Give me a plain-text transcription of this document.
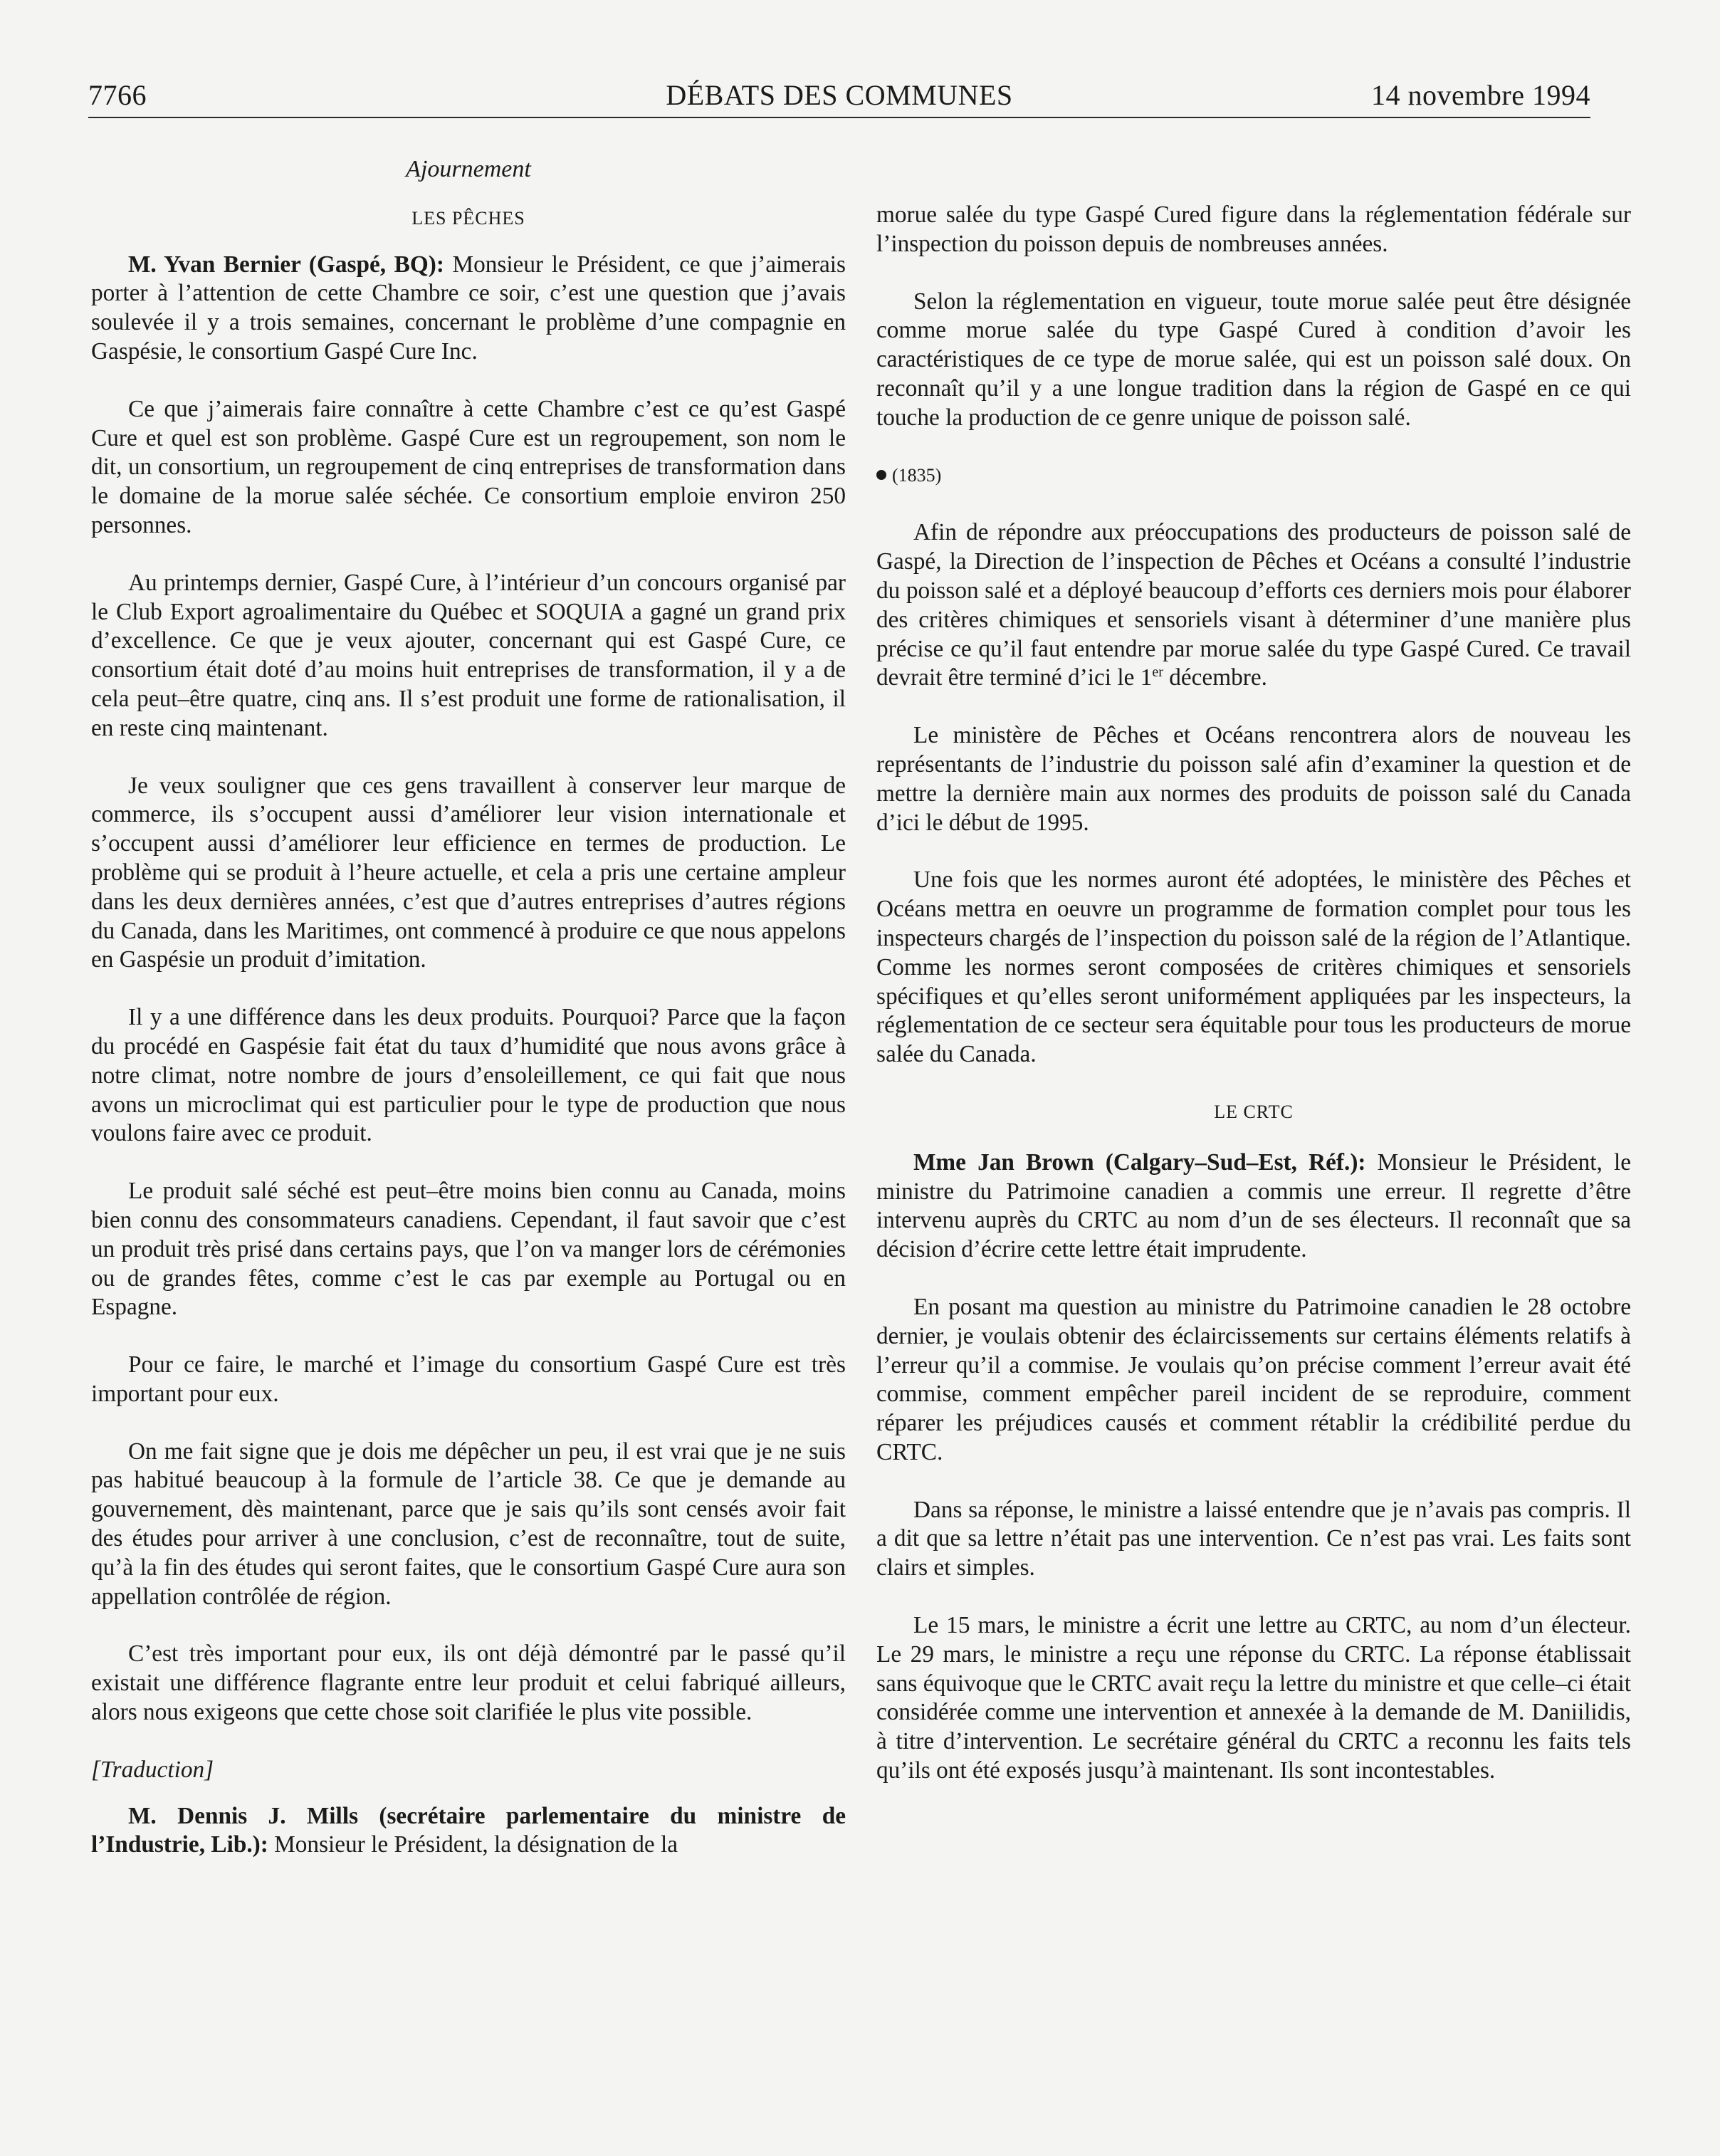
7766	DÉBATS DES COMMUNES	14 novembre 1994
Ajournement
LES PÊCHES

M. Yvan Bernier (Gaspé, BQ): Monsieur le Président, ce que j’aimerais porter à l’attention de cette Chambre ce soir, c’est une question que j’avais soulevée il y a trois semaines, concernant le problème d’une compagnie en Gaspésie, le consortium Gaspé Cure Inc.

Ce que j’aimerais faire connaître à cette Chambre c’est ce qu’est Gaspé Cure et quel est son problème. Gaspé Cure est un regroupement, son nom le dit, un consortium, un regroupement de cinq entreprises de transformation dans le domaine de la morue salée séchée. Ce consortium emploie environ 250 personnes.

Au printemps dernier, Gaspé Cure, à l’intérieur d’un concours organisé par le Club Export agroalimentaire du Québec et SOQUIA a gagné un grand prix d’excellence. Ce que je veux ajouter, concernant qui est Gaspé Cure, ce consortium était doté d’au moins huit entreprises de transformation, il y a de cela peut–être quatre, cinq ans. Il s’est produit une forme de rationalisation, il en reste cinq maintenant.

Je veux souligner que ces gens travaillent à conserver leur marque de commerce, ils s’occupent aussi d’améliorer leur vision internationale et s’occupent aussi d’améliorer leur efficience en termes de production. Le problème qui se produit à l’heure actuelle, et cela a pris une certaine ampleur dans les deux dernières années, c’est que d’autres entreprises d’autres régions du Canada, dans les Maritimes, ont commencé à produire ce que nous appelons en Gaspésie un produit d’imitation.

Il y a une différence dans les deux produits. Pourquoi? Parce que la façon du procédé en Gaspésie fait état du taux d’humidité que nous avons grâce à notre climat, notre nombre de jours d’ensoleillement, ce qui fait que nous avons un microclimat qui est particulier pour le type de production que nous voulons faire avec ce produit.

Le produit salé séché est peut–être moins bien connu au Canada, moins bien connu des consommateurs canadiens. Cependant, il faut savoir que c’est un produit très prisé dans certains pays, que l’on va manger lors de cérémonies ou de grandes fêtes, comme c’est le cas par exemple au Portugal ou en Espagne.

Pour ce faire, le marché et l’image du consortium Gaspé Cure est très important pour eux.

On me fait signe que je dois me dépêcher un peu, il est vrai que je ne suis pas habitué beaucoup à la formule de l’article 38. Ce que je demande au gouvernement, dès maintenant, parce que je sais qu’ils sont censés avoir fait des études pour arriver à une conclusion, c’est de reconnaître, tout de suite, qu’à la fin des études qui seront faites, que le consortium Gaspé Cure aura son appellation contrôlée de région.

C’est très important pour eux, ils ont déjà démontré par le passé qu’il existait une différence flagrante entre leur produit et celui fabriqué ailleurs, alors nous exigeons que cette chose soit clarifiée le plus vite possible.

[Traduction]

M. Dennis J. Mills (secrétaire parlementaire du ministre de l’Industrie, Lib.): Monsieur le Président, la désignation de la

morue salée du type Gaspé Cured figure dans la réglementation fédérale sur l’inspection du poisson depuis de nombreuses années.

Selon la réglementation en vigueur, toute morue salée peut être désignée comme morue salée du type Gaspé Cured à condition d’avoir les caractéristiques de ce type de morue salée, qui est un poisson salé doux. On reconnaît qu’il y a une longue tradition dans la région de Gaspé en ce qui touche la production de ce genre unique de poisson salé.

(1835)

Afin de répondre aux préoccupations des producteurs de poisson salé de Gaspé, la Direction de l’inspection de Pêches et Océans a consulté l’industrie du poisson salé et a déployé beaucoup d’efforts ces derniers mois pour élaborer des critères chimiques et sensoriels visant à déterminer d’une manière plus précise ce qu’il faut entendre par morue salée du type Gaspé Cured. Ce travail devrait être terminé d’ici le 1er décembre.

Le ministère de Pêches et Océans rencontrera alors de nouveau les représentants de l’industrie du poisson salé afin d’examiner la question et de mettre la dernière main aux normes des produits de poisson salé du Canada d’ici le début de 1995.

Une fois que les normes auront été adoptées, le ministère des Pêches et Océans mettra en oeuvre un programme de formation complet pour tous les inspecteurs chargés de l’inspection du poisson salé de la région de l’Atlantique. Comme les normes seront composées de critères chimiques et sensoriels spécifiques et qu’elles seront uniformément appliquées par les inspecteurs, la réglementation de ce secteur sera équitable pour tous les producteurs de morue salée du Canada.

LE CRTC

Mme Jan Brown (Calgary–Sud–Est, Réf.): Monsieur le Président, le ministre du Patrimoine canadien a commis une erreur. Il regrette d’être intervenu auprès du CRTC au nom d’un de ses électeurs. Il reconnaît que sa décision d’écrire cette lettre était imprudente.

En posant ma question au ministre du Patrimoine canadien le 28 octobre dernier, je voulais obtenir des éclaircissements sur certains éléments relatifs à l’erreur qu’il a commise. Je voulais qu’on précise comment l’erreur avait été commise, comment empêcher pareil incident de se reproduire, comment réparer les préjudices causés et comment rétablir la crédibilité perdue du CRTC.

Dans sa réponse, le ministre a laissé entendre que je n’avais pas compris. Il a dit que sa lettre n’était pas une intervention. Ce n’est pas vrai. Les faits sont clairs et simples.

Le 15 mars, le ministre a écrit une lettre au CRTC, au nom d’un électeur. Le 29 mars, le ministre a reçu une réponse du CRTC. La réponse établissait sans équivoque que le CRTC avait reçu la lettre du ministre et que celle–ci était considérée comme une intervention et annexée à la demande de M. Daniilidis, à titre d’intervention. Le secrétaire général du CRTC a reconnu les faits tels qu’ils ont été exposés jusqu’à maintenant. Ils sont incontestables.
